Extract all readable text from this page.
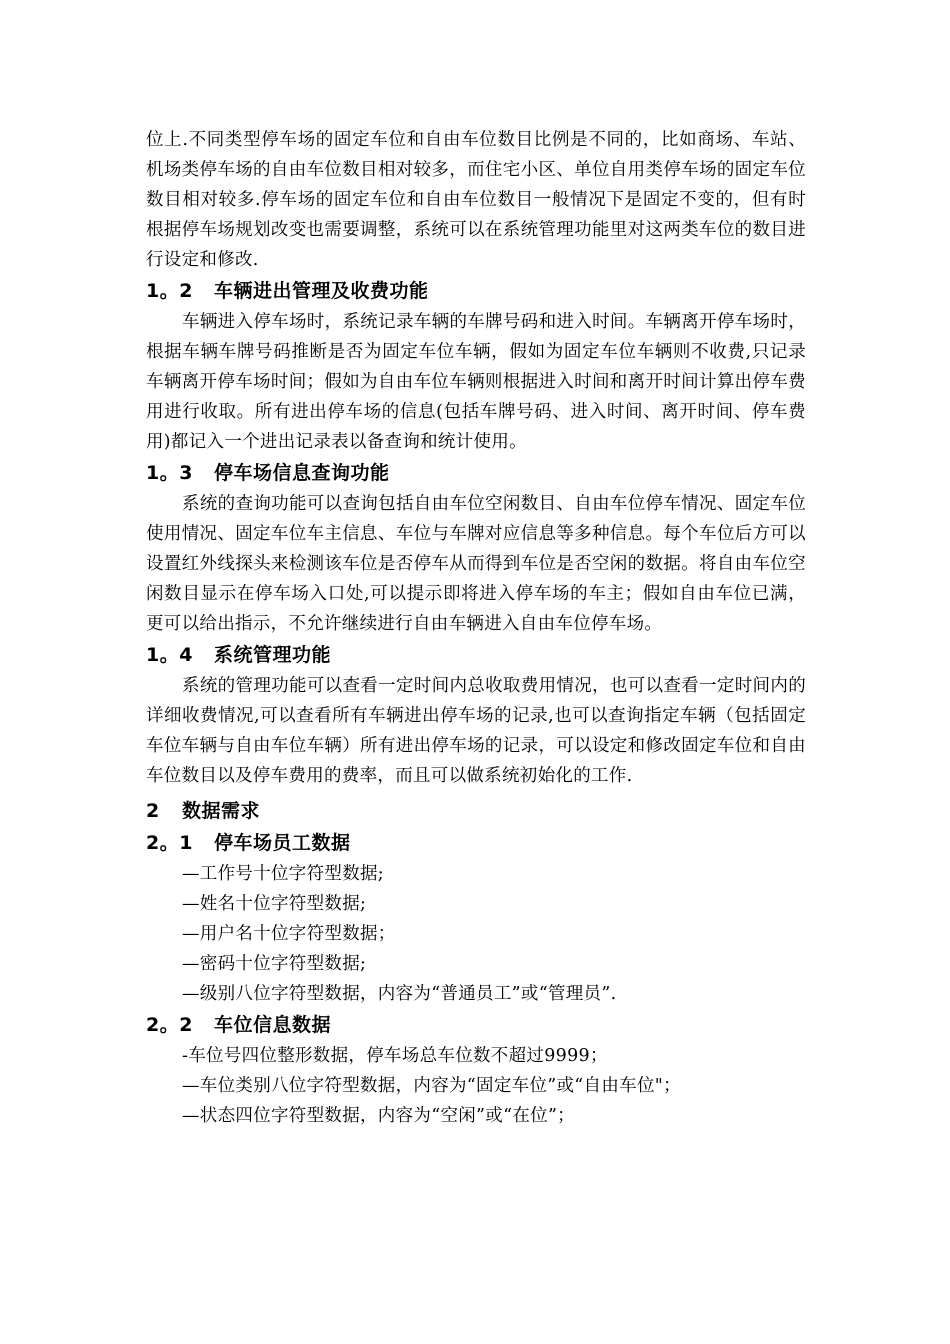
位上.不同类型停车场的固定车位和自由车位数目比例是不同的，比如商场、车站、机场类停车场的自由车位数目相对较多，而住宅小区、单位自用类停车场的固定车位数目相对较多.停车场的固定车位和自由车位数目一般情况下是固定不变的，但有时根据停车场规划改变也需要调整，系统可以在系统管理功能里对这两类车位的数目进行设定和修改.

1。2 车辆进出管理及收费功能

车辆进入停车场时，系统记录车辆的车牌号码和进入时间。车辆离开停车场时，根据车辆车牌号码推断是否为固定车位车辆，假如为固定车位车辆则不收费,只记录车辆离开停车场时间；假如为自由车位车辆则根据进入时间和离开时间计算出停车费用进行收取。所有进出停车场的信息(包括车牌号码、进入时间、离开时间、停车费用)都记入一个进出记录表以备查询和统计使用。

1。3 停车场信息查询功能

系统的查询功能可以查询包括自由车位空闲数目、自由车位停车情况、固定车位使用情况、固定车位车主信息、车位与车牌对应信息等多种信息。每个车位后方可以设置红外线探头来检测该车位是否停车从而得到车位是否空闲的数据。将自由车位空闲数目显示在停车场入口处,可以提示即将进入停车场的车主；假如自由车位已满，更可以给出指示，不允许继续进行自由车辆进入自由车位停车场。

1。4 系统管理功能

系统的管理功能可以查看一定时间内总收取费用情况，也可以查看一定时间内的详细收费情况,可以查看所有车辆进出停车场的记录,也可以查询指定车辆（包括固定车位车辆与自由车位车辆）所有进出停车场的记录，可以设定和修改固定车位和自由车位数目以及停车费用的费率，而且可以做系统初始化的工作.

2 数据需求
2。1 停车场员工数据

—工作号十位字符型数据;

—姓名十位字符型数据;

—用户名十位字符型数据；

—密码十位字符型数据;

—级别八位字符型数据，内容为“普通员工”或“管理员”.

2。2 车位信息数据

-车位号四位整形数据，停车场总车位数不超过9999；

—车位类别八位字符型数据，内容为“固定车位”或“自由车位"；

—状态四位字符型数据，内容为“空闲”或“在位”；
